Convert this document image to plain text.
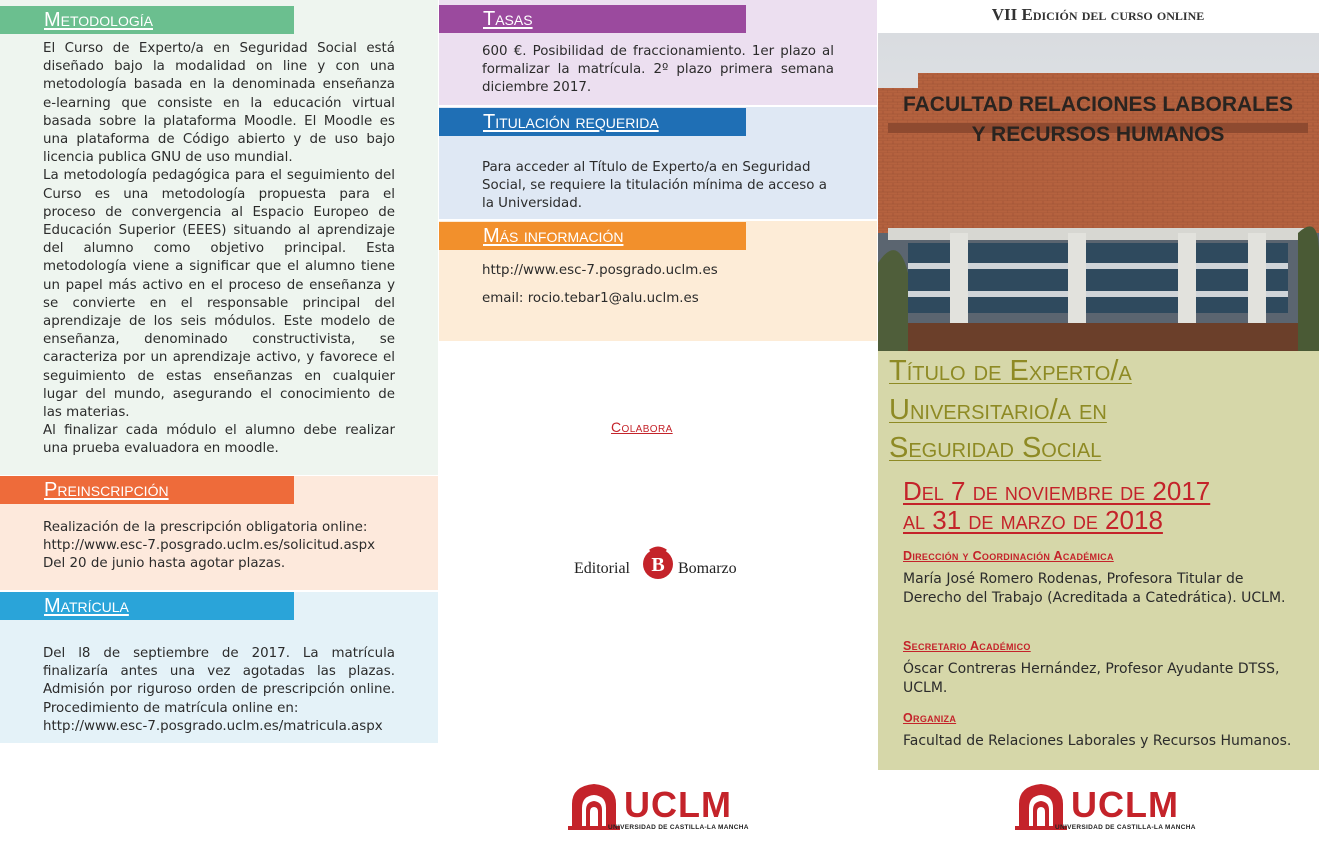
Metodología
El Curso de Experto/a en Seguridad Social está diseñado bajo la modalidad on line y con una metodología basada en la denominada enseñanza e-learning que consiste en la educación virtual basada sobre la plataforma Moodle. El Moodle es una plataforma de Código abierto y de uso bajo licencia publica GNU de uso mundial.
La metodología pedagógica para el seguimiento del Curso es una metodología propuesta para el proceso de convergencia al Espacio Europeo de Educación Superior (EEES) situando al aprendizaje del alumno como objetivo principal. Esta metodología viene a significar que el alumno tiene un papel más activo en el proceso de enseñanza y se convierte en el responsable principal del aprendizaje de los seis módulos. Este modelo de enseñanza, denominado constructivista, se caracteriza por un aprendizaje activo, y favorece el seguimiento de estas enseñanzas en cualquier lugar del mundo, asegurando el conocimiento de las materias.
Al finalizar cada módulo el alumno debe realizar una prueba evaluadora en moodle.
Preinscripción
Realización de la prescripción obligatoria online:
http://www.esc-7.posgrado.uclm.es/solicitud.aspx
Del 20 de junio hasta agotar plazas.
Matrícula
Del l8 de septiembre de 2017. La matrícula finalizaría antes una vez agotadas las plazas. Admisión por riguroso orden de prescripción online. Procedimiento de matrícula online en:
http://www.esc-7.posgrado.uclm.es/matricula.aspx
Tasas
600 €. Posibilidad de fraccionamiento. 1er plazo al formalizar la matrícula. 2º plazo primera semana diciembre 2017.
Titulación requerida
Para acceder al Título de Experto/a en Seguridad Social, se requiere la titulación mínima de acceso a la Universidad.
Más información
http://www.esc-7.posgrado.uclm.es
email: rocio.tebar1@alu.uclm.es
Colabora
Editorial B Bomarzo
UCLM
UNIVERSIDAD DE CASTILLA-LA MANCHA
VII Edición del curso online
FACULTAD RELACIONES LABORALES
Y RECURSOS HUMANOS
Título de Experto/a
Universitario/a en
Seguridad Social
Del 7 de noviembre de 2017
al 31 de marzo de 2018
Dirección y Coordinación Académica
María José Romero Rodenas, Profesora Titular de Derecho del Trabajo (Acreditada a Catedrática). UCLM.
Secretario Académico
Óscar Contreras Hernández, Profesor Ayudante DTSS, UCLM.
Organiza
Facultad de Relaciones Laborales y Recursos Humanos.
UCLM
UNIVERSIDAD DE CASTILLA-LA MANCHA
